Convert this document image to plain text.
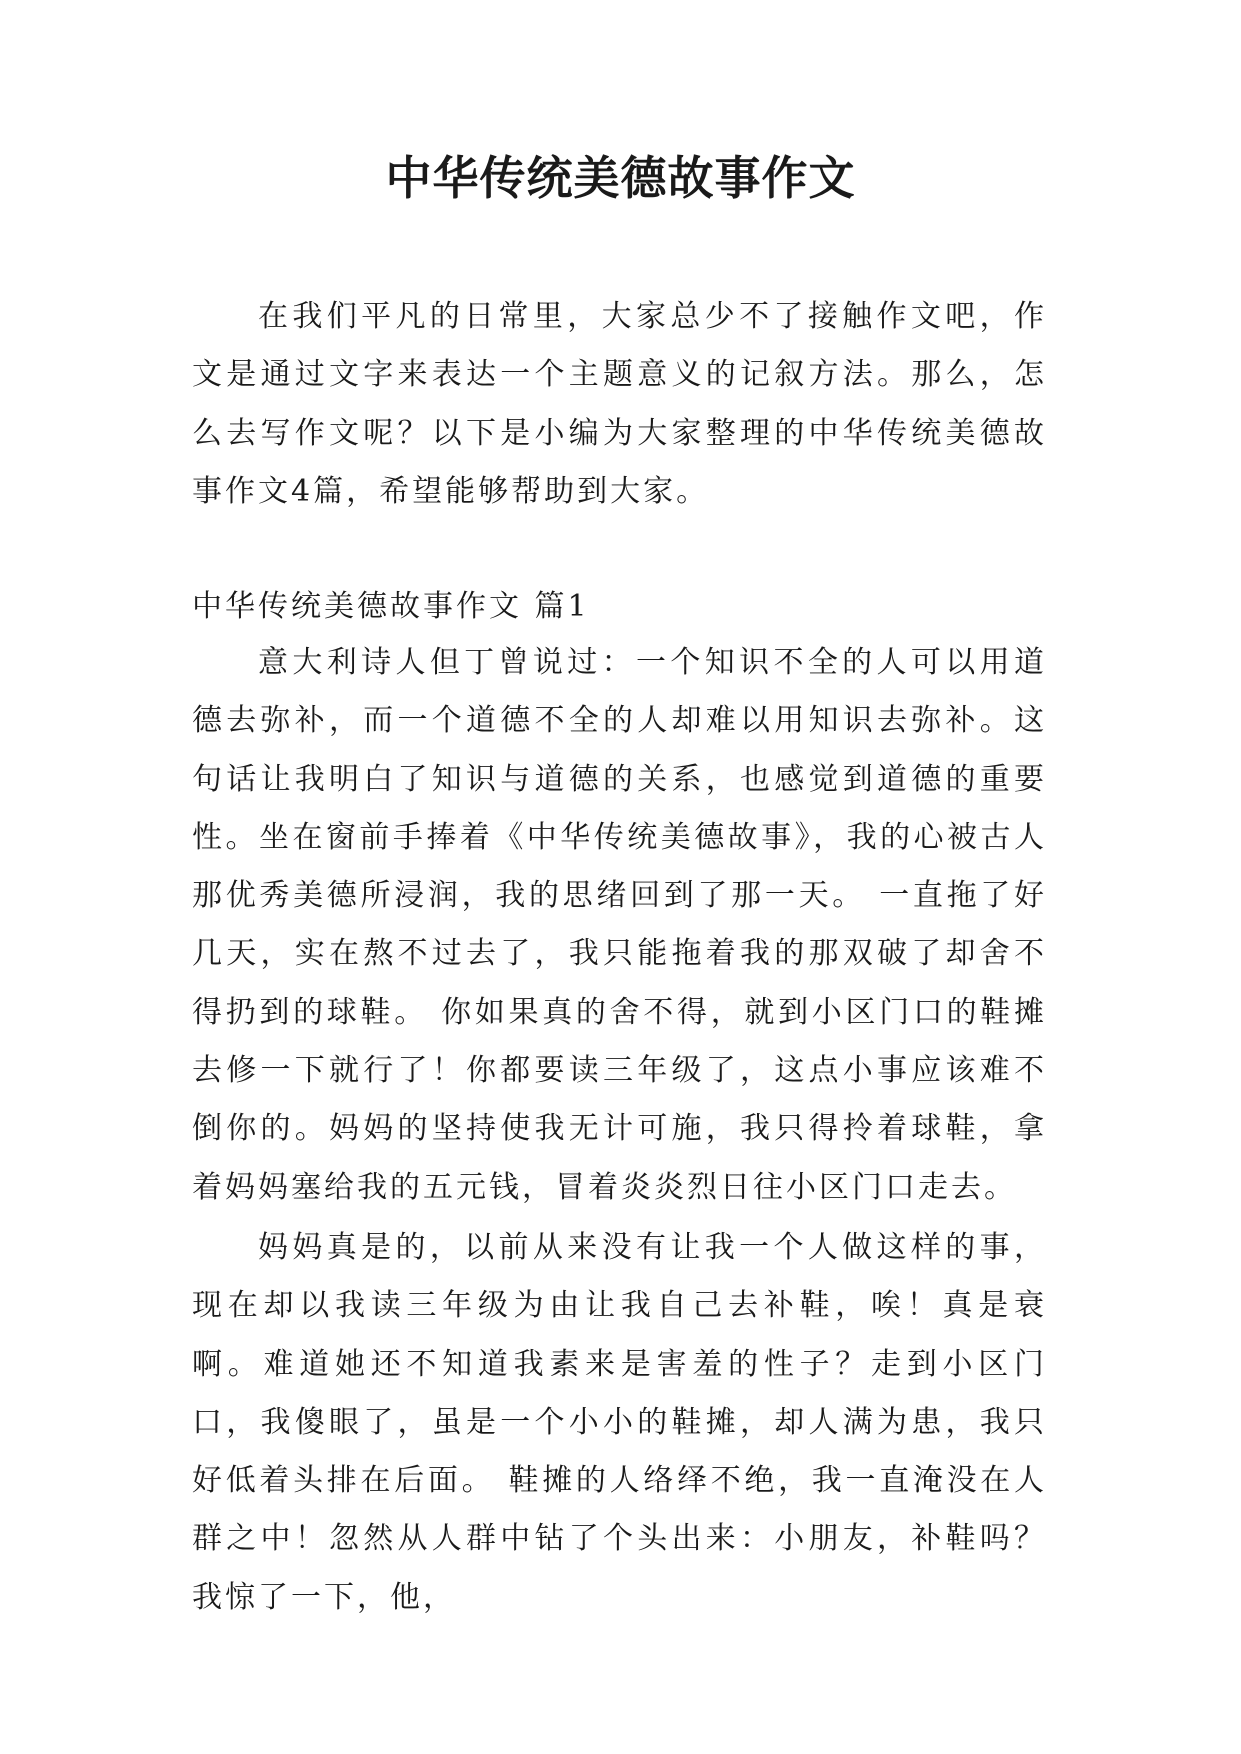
中华传统美德故事作文

在我们平凡的日常里，大家总少不了接触作文吧，作文是通过文字来表达一个主题意义的记叙方法。那么，怎么去写作文呢？以下是小编为大家整理的中华传统美德故事作文4篇，希望能够帮助到大家。

中华传统美德故事作文 篇1

意大利诗人但丁曾说过：一个知识不全的人可以用道德去弥补，而一个道德不全的人却难以用知识去弥补。这句话让我明白了知识与道德的关系，也感觉到道德的重要性。坐在窗前手捧着《中华传统美德故事》，我的心被古人那优秀美德所浸润，我的思绪回到了那一天。 一直拖了好几天，实在熬不过去了，我只能拖着我的那双破了却舍不得扔到的球鞋。 你如果真的舍不得，就到小区门口的鞋摊去修一下就行了！你都要读三年级了，这点小事应该难不倒你的。妈妈的坚持使我无计可施，我只得拎着球鞋，拿着妈妈塞给我的五元钱，冒着炎炎烈日往小区门口走去。

妈妈真是的，以前从来没有让我一个人做这样的事，现在却以我读三年级为由让我自己去补鞋，唉！真是衰啊。难道她还不知道我素来是害羞的性子？走到小区门口，我傻眼了，虽是一个小小的鞋摊，却人满为患，我只好低着头排在后面。 鞋摊的人络绎不绝，我一直淹没在人群之中！忽然从人群中钻了个头出来：小朋友，补鞋吗？我惊了一下，他，
